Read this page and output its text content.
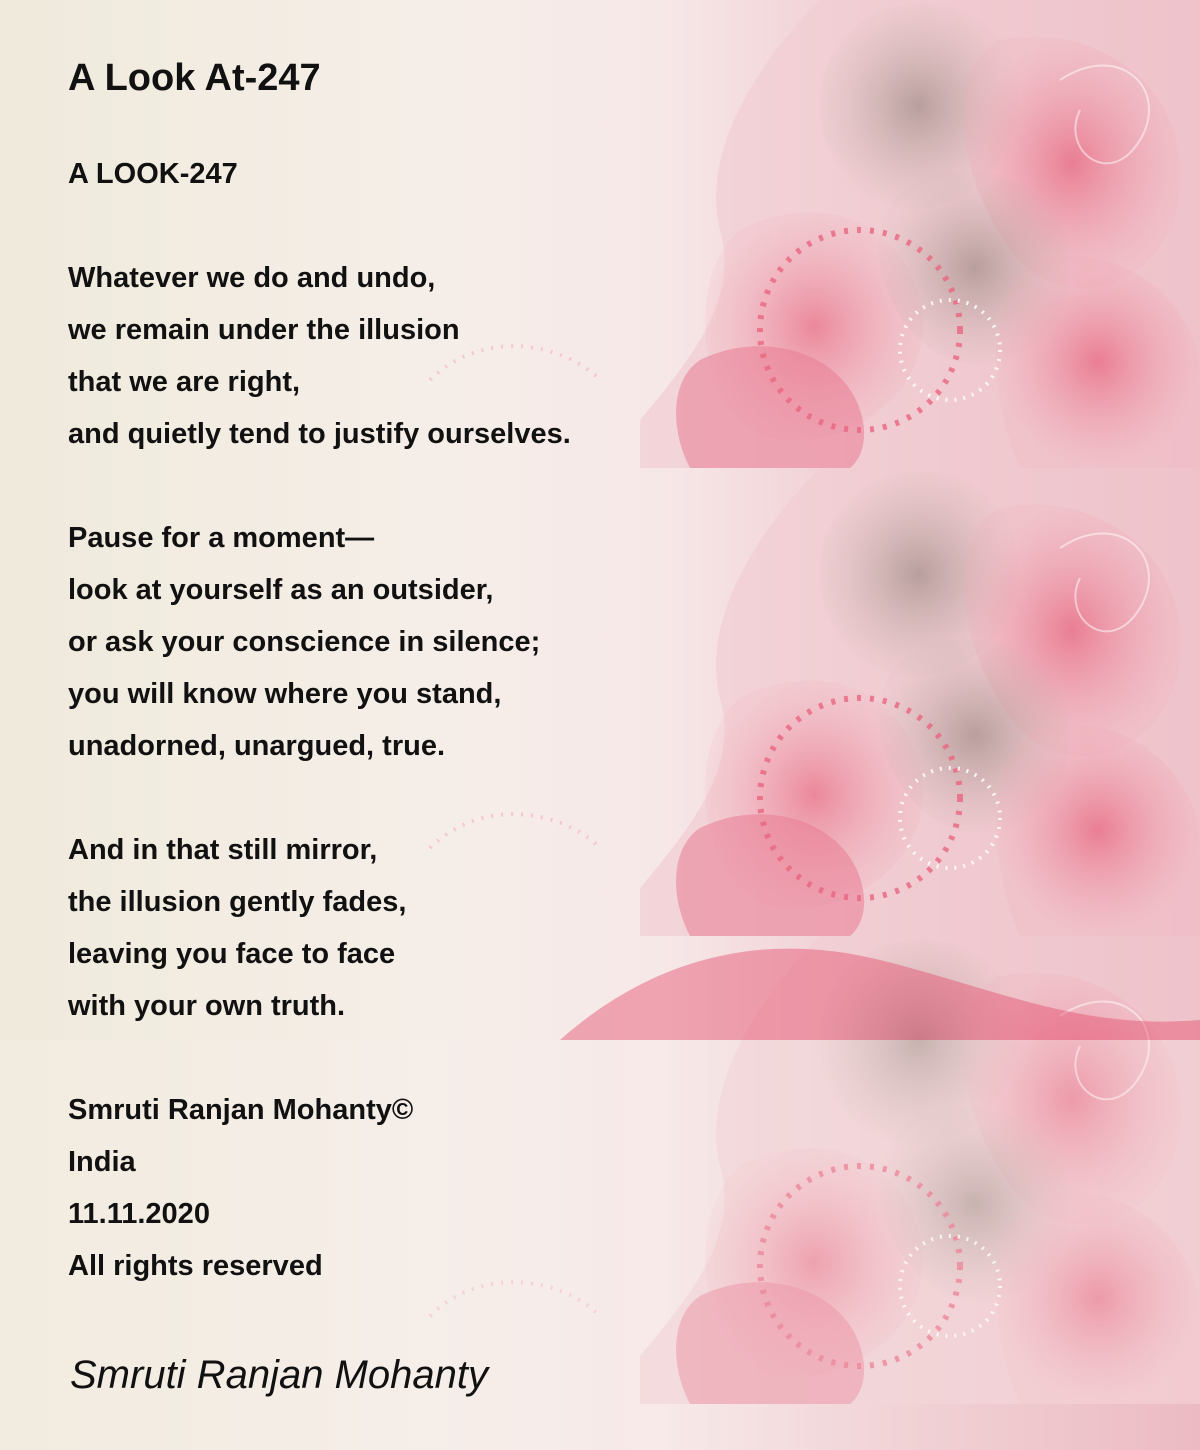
A Look At-247
A LOOK-247
Whatever we do and undo,
we remain under the illusion
that we are right,
and quietly tend to justify ourselves.
Pause for a moment—
look at yourself as an outsider,
or ask your conscience in silence;
you will know where you stand,
unadorned, unargued, true.
And in that still mirror,
the illusion gently fades,
leaving you face to face
with your own truth.
Smruti Ranjan Mohanty©
India
11.11.2020
All rights reserved
Smruti Ranjan Mohanty
